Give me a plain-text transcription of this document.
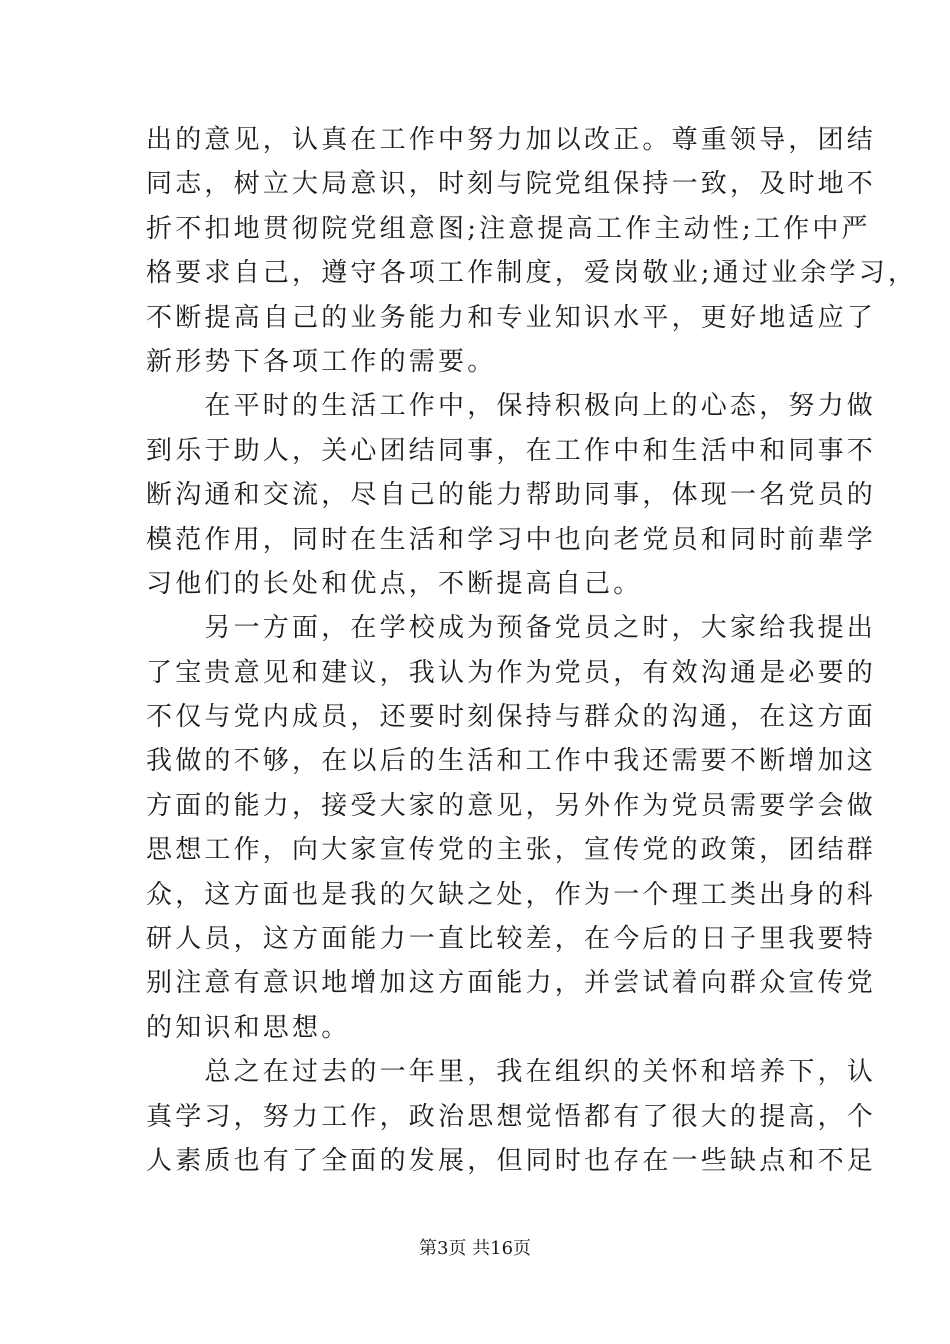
出的意见，认真在工作中努力加以改正。尊重领导，团结
同志，树立大局意识，时刻与院党组保持一致，及时地不
折不扣地贯彻院党组意图;注意提高工作主动性;工作中严
格要求自己，遵守各项工作制度，爱岗敬业;通过业余学习，
不断提高自己的业务能力和专业知识水平，更好地适应了
新形势下各项工作的需要。
　　在平时的生活工作中，保持积极向上的心态，努力做
到乐于助人，关心团结同事，在工作中和生活中和同事不
断沟通和交流，尽自己的能力帮助同事，体现一名党员的
模范作用，同时在生活和学习中也向老党员和同时前辈学
习他们的长处和优点，不断提高自己。
　　另一方面，在学校成为预备党员之时，大家给我提出
了宝贵意见和建议，我认为作为党员，有效沟通是必要的
不仅与党内成员，还要时刻保持与群众的沟通，在这方面
我做的不够，在以后的生活和工作中我还需要不断增加这
方面的能力，接受大家的意见，另外作为党员需要学会做
思想工作，向大家宣传党的主张，宣传党的政策，团结群
众，这方面也是我的欠缺之处，作为一个理工类出身的科
研人员，这方面能力一直比较差，在今后的日子里我要特
别注意有意识地增加这方面能力，并尝试着向群众宣传党
的知识和思想。
　　总之在过去的一年里，我在组织的关怀和培养下，认
真学习，努力工作，政治思想觉悟都有了很大的提高，个
人素质也有了全面的发展，但同时也存在一些缺点和不足
第3页 共16页
